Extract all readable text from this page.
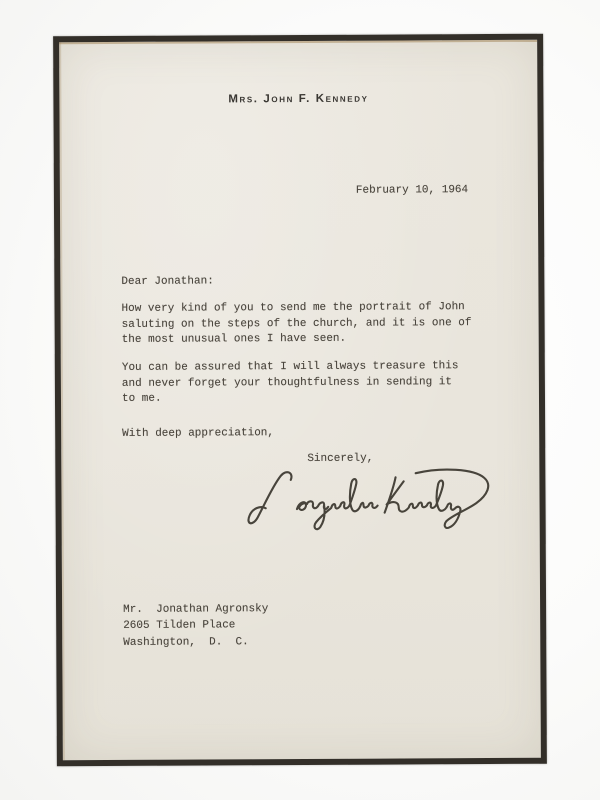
Mrs. John F. Kennedy
February 10, 1964
Dear Jonathan:
How very kind of you to send me the portrait of John
saluting on the steps of the church, and it is one of
the most unusual ones I have seen.
You can be assured that I will always treasure this
and never forget your thoughtfulness in sending it
to me.
With deep appreciation,
Sincerely,
Mr.  Jonathan Agronsky
2605 Tilden Place
Washington,  D.  C.
